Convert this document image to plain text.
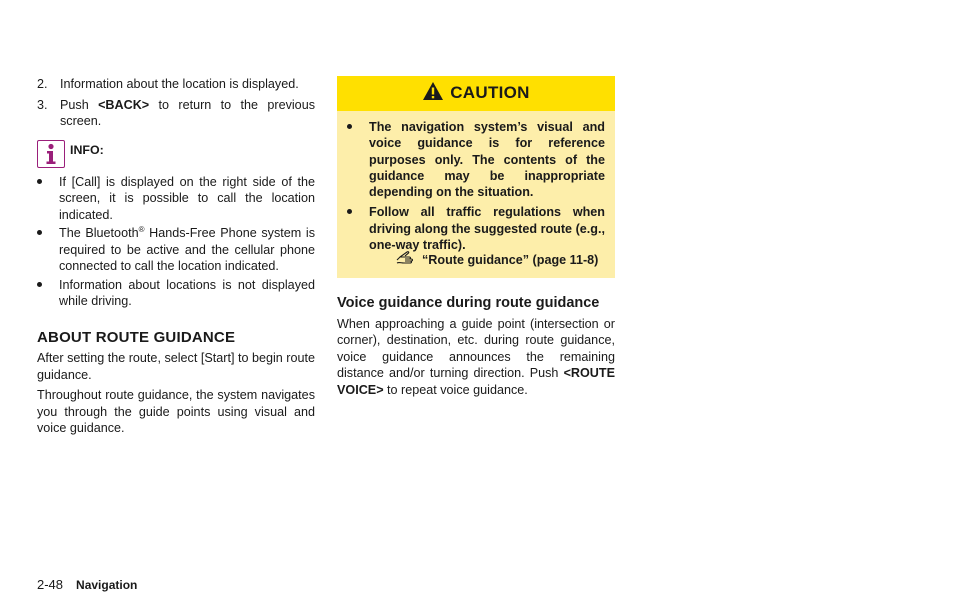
2. Information about the location is displayed.
3. Push <BACK> to return to the previous screen.
INFO:
If [Call] is displayed on the right side of the screen, it is possible to call the location indicated.
The Bluetooth® Hands-Free Phone system is required to be active and the cellular phone connected to call the location indicated.
Information about locations is not displayed while driving.
ABOUT ROUTE GUIDANCE

After setting the route, select [Start] to begin route guidance.

Throughout route guidance, the system navigates you through the guide points using visual and voice guidance.

CAUTION
The navigation system’s visual and voice guidance is for reference purposes only. The contents of the guidance may be inappropriate depending on the situation.
Follow all traffic regulations when driving along the suggested route (e.g., one-way traffic).
“Route guidance” (page 11-8)
Voice guidance during route guidance

When approaching a guide point (intersection or corner), destination, etc. during route guidance, voice guidance announces the remaining distance and/or turning direction. Push <ROUTE VOICE> to repeat voice guidance.

2-48 Navigation
